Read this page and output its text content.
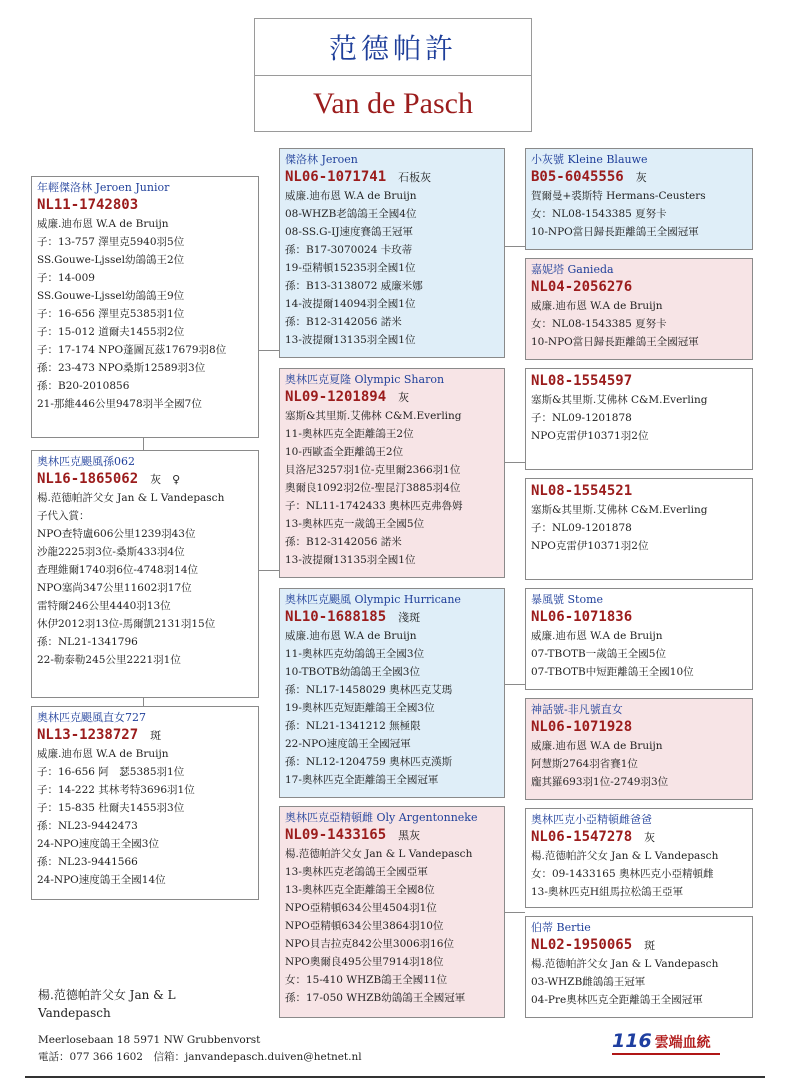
范德帕許
Van de Pasch
年輕傑洛林 Jeroen Junior
NL11-1742803
威廉.迪布恩 W.A de Bruijn
子：13-757 澤里克5940羽5位
SS.Gouwe-Ljssel幼鴿鴿王2位
子：14-009
SS.Gouwe-Ljssel幼鴿鴿王9位
子：16-656 澤里克5385羽1位
子：15-012 道爾夫1455羽2位
子：17-174 NPO蓬圖瓦茲17679羽8位
孫：23-473 NPO桑斯12589羽3位
孫：B20-2010856
21-那維446公里9478羽半全國7位
奧林匹克颶風孫062
NL16-1865062 灰　♀
楊.范德帕許父女 Jan & L Vandepasch
子代入賞：
NPO查特盧606公里1239羽43位
沙龍2225羽3位-桑斯433羽4位
查理維爾1740羽6位-4748羽14位
NPO塞尚347公里11602羽17位
雷特爾246公里4440羽13位
休伊2012羽13位-馬爾凱2131羽15位
孫：NL21-1341796
22-勒泰勒245公里2221羽1位
奧林匹克颶風直女727
NL13-1238727 斑
威廉.迪布恩 W.A de Bruijn
子：16-656 阿　瑟5385羽1位
子：14-222 其林考特3696羽1位
子：15-835 杜爾夫1455羽3位
孫：NL23-9442473
24-NPO速度鴿王全國3位
孫：NL23-9441566
24-NPO速度鴿王全國14位
傑洛林 Jeroen
NL06-1071741 石板灰
威廉.迪布恩 W.A de Bruijn
08-WHZB老鴿鴿王全國4位
08-SS.G-IJ速度賽鴿王冠軍
孫：B17-3070024 卡玫蒂
19-亞精頓15235羽全國1位
孫：B13-3138072 威廉米娜
14-波提爾14094羽全國1位
孫：B12-3142056 諾米
13-波提爾13135羽全國1位
奧林匹克夏隆 Olympic Sharon
NL09-1201894 灰
塞斯&其里斯.艾佛林 C&M.Everling
11-奧林匹克全距離鴿王2位
10-西歐盃全距離鴿王2位
貝洛尼3257羽1位-克里爾2366羽1位
奧爾良1092羽2位-聖昆汀3885羽4位
子：NL11-1742433 奧林匹克弗魯姆
13-奧林匹克一歲鴿王全國5位
孫：B12-3142056 諾米
13-波提爾13135羽全國1位
奧林匹克颶風 Olympic Hurricane
NL10-1688185 淺斑
威廉.迪布恩 W.A de Bruijn
11-奧林匹克幼鴿鴿王全國3位
10-TBOTB幼鴿鴿王全國3位
孫：NL17-1458029 奧林匹克艾瑪
19-奧林匹克短距離鴿王全國3位
孫：NL21-1341212 無極限
22-NPO速度鴿王全國冠軍
孫：NL12-1204759 奧林匹克漢斯
17-奧林匹克全距離鴿王全國冠軍
奧林匹克亞精頓雌 Oly Argentonneke
NL09-1433165 黑灰
楊.范德帕許父女 Jan & L Vandepasch
13-奧林匹克老鴿鴿王全國亞軍
13-奧林匹克全距離鴿王全國8位
NPO亞精頓634公里4504羽1位
NPO亞精頓634公里3864羽10位
NPO貝吉拉克842公里3006羽16位
NPO奧爾良495公里7914羽18位
女：15-410 WHZB鴿王全國11位
孫：17-050 WHZB幼鴿鴿王全國冠軍
小灰號 Kleine Blauwe
B05-6045556 灰
賀爾曼+裘斯特 Hermans-Ceusters
女：NL08-1543385 夏努卡
10-NPO當日歸長距離鴿王全國冠軍
嘉妮塔 Ganieda
NL04-2056276
威廉.迪布恩 W.A de Bruijn
女：NL08-1543385 夏努卡
10-NPO當日歸長距離鴿王全國冠軍
NL08-1554597
塞斯&其里斯.艾佛林 C&M.Everling
子：NL09-1201878
NPO克雷伊10371羽2位
NL08-1554521
塞斯&其里斯.艾佛林 C&M.Everling
子：NL09-1201878
NPO克雷伊10371羽2位
暴風號 Stome
NL06-1071836
威廉.迪布恩 W.A de Bruijn
07-TBOTB一歲鴿王全國5位
07-TBOTB中短距離鴿王全國10位
神話號-非凡號直女
NL06-1071928
威廉.迪布恩 W.A de Bruijn
阿慧斯2764羽省賽1位
龐其羅693羽1位-2749羽3位
奧林匹克小亞精頓雌爸爸
NL06-1547278 灰
楊.范德帕許父女 Jan & L Vandepasch
女：09-1433165 奧林匹克小亞精頓雌
13-奧林匹克H組馬拉松鴿王亞軍
伯蒂 Bertie
NL02-1950065 斑
楊.范德帕許父女 Jan & L Vandepasch
03-WHZB雌鴿鴿王冠軍
04-Pre奧林匹克全距離鴿王全國冠軍
楊.范德帕許父女 Jan & L Vandepasch
Meerlosebaan 18 5971 NW Grubbenvorst
電話：077 366 1602　信箱：janvandepasch.duiven@hetnet.nl
116 雲端血統
